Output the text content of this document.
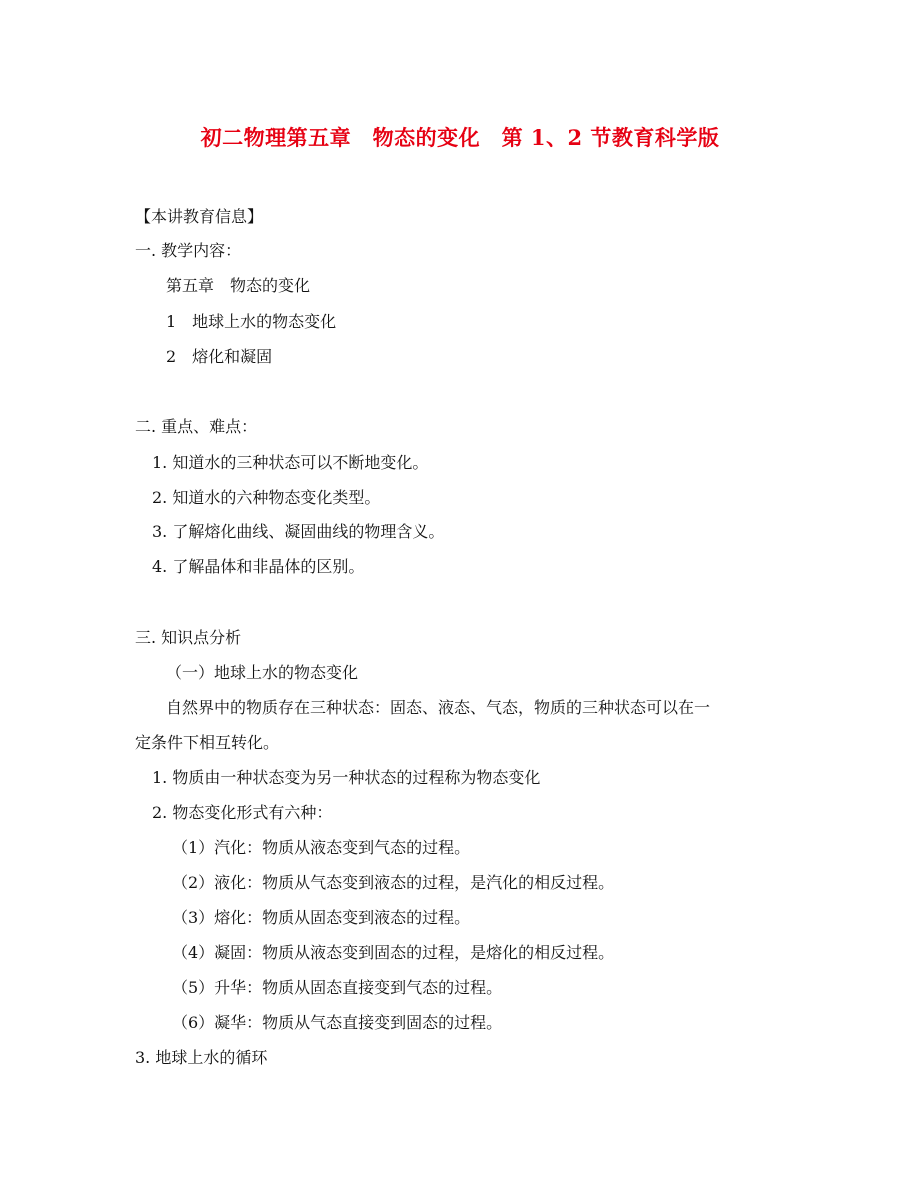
初二物理第五章　物态的变化　第 1、2 节教育科学版
【本讲教育信息】
一. 教学内容：
第五章　物态的变化
1　地球上水的物态变化
2　熔化和凝固
二. 重点、难点：
1. 知道水的三种状态可以不断地变化。
2. 知道水的六种物态变化类型。
3. 了解熔化曲线、凝固曲线的物理含义。
4. 了解晶体和非晶体的区别。
三. 知识点分析
（一）地球上水的物态变化
自然界中的物质存在三种状态：固态、液态、气态，物质的三种状态可以在一
定条件下相互转化。
1. 物质由一种状态变为另一种状态的过程称为物态变化
2. 物态变化形式有六种：
（1）汽化：物质从液态变到气态的过程。
（2）液化：物质从气态变到液态的过程，是汽化的相反过程。
（3）熔化：物质从固态变到液态的过程。
（4）凝固：物质从液态变到固态的过程，是熔化的相反过程。
（5）升华：物质从固态直接变到气态的过程。
（6）凝华：物质从气态直接变到固态的过程。
3. 地球上水的循环
